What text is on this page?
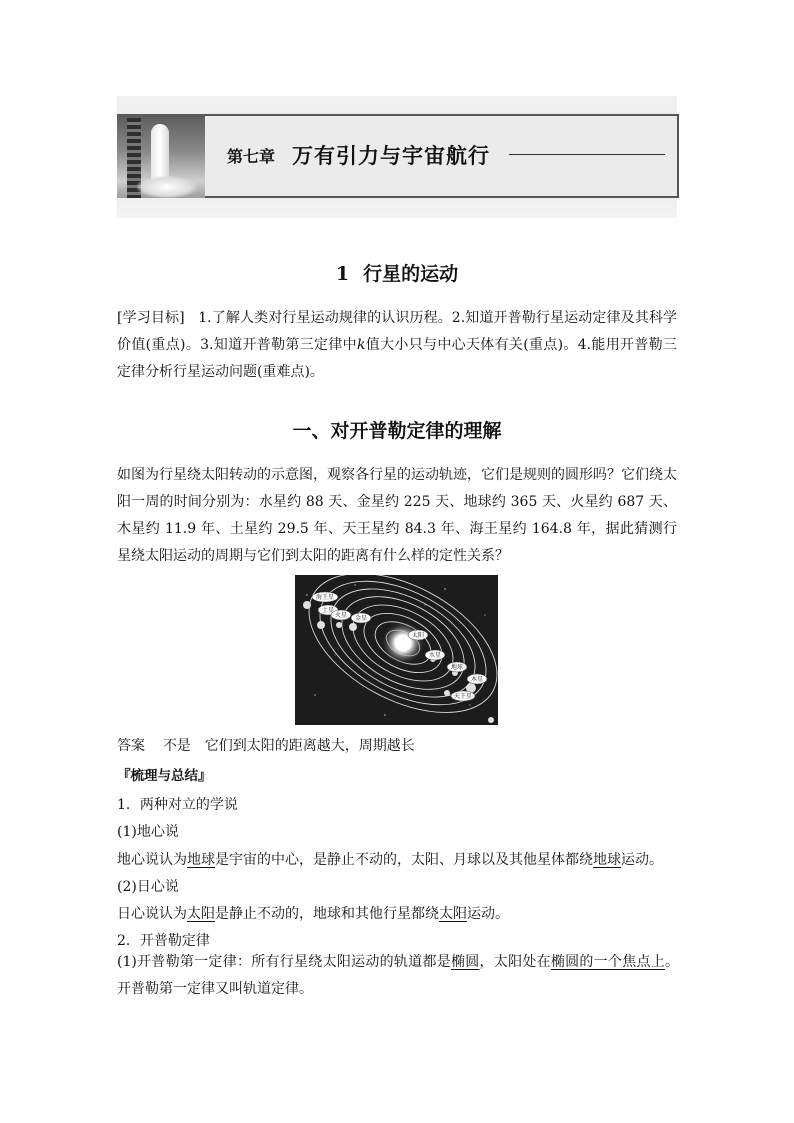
第七章 万有引力与宇宙航行
1 行星的运动

[学习目标] 1.了解人类对行星运动规律的认识历程。2.知道开普勒行星运动定律及其科学价值(重点)。3.知道开普勒第三定律中k值大小只与中心天体有关(重点)。4.能用开普勒三定律分析行星运动问题(重难点)。

一、对开普勒定律的理解

如图为行星绕太阳转动的示意图，观察各行星的运动轨迹，它们是规则的圆形吗？它们绕太阳一周的时间分别为：水星约 88 天、金星约 225 天、地球约 365 天、火星约 687 天、木星约 11.9 年、土星约 29.5 年、天王星约 84.3 年、海王星约 164.8 年，据此猜测行星绕太阳运动的周期与它们到太阳的距离有什么样的定性关系？

海王星
土星
火星 金星
太阳
水星
地球
木星
天王星
答案 不是　它们到太阳的距离越大，周期越长
『梳理与总结』
1．两种对立的学说
(1)地心说
地心说认为地球是宇宙的中心，是静止不动的，太阳、月球以及其他星体都绕地球运动。
(2)日心说
日心说认为太阳是静止不动的，地球和其他行星都绕太阳运动。
2．开普勒定律

(1)开普勒第一定律：所有行星绕太阳运动的轨道都是椭圆，太阳处在椭圆的一个焦点上。开普勒第一定律又叫轨道定律。
